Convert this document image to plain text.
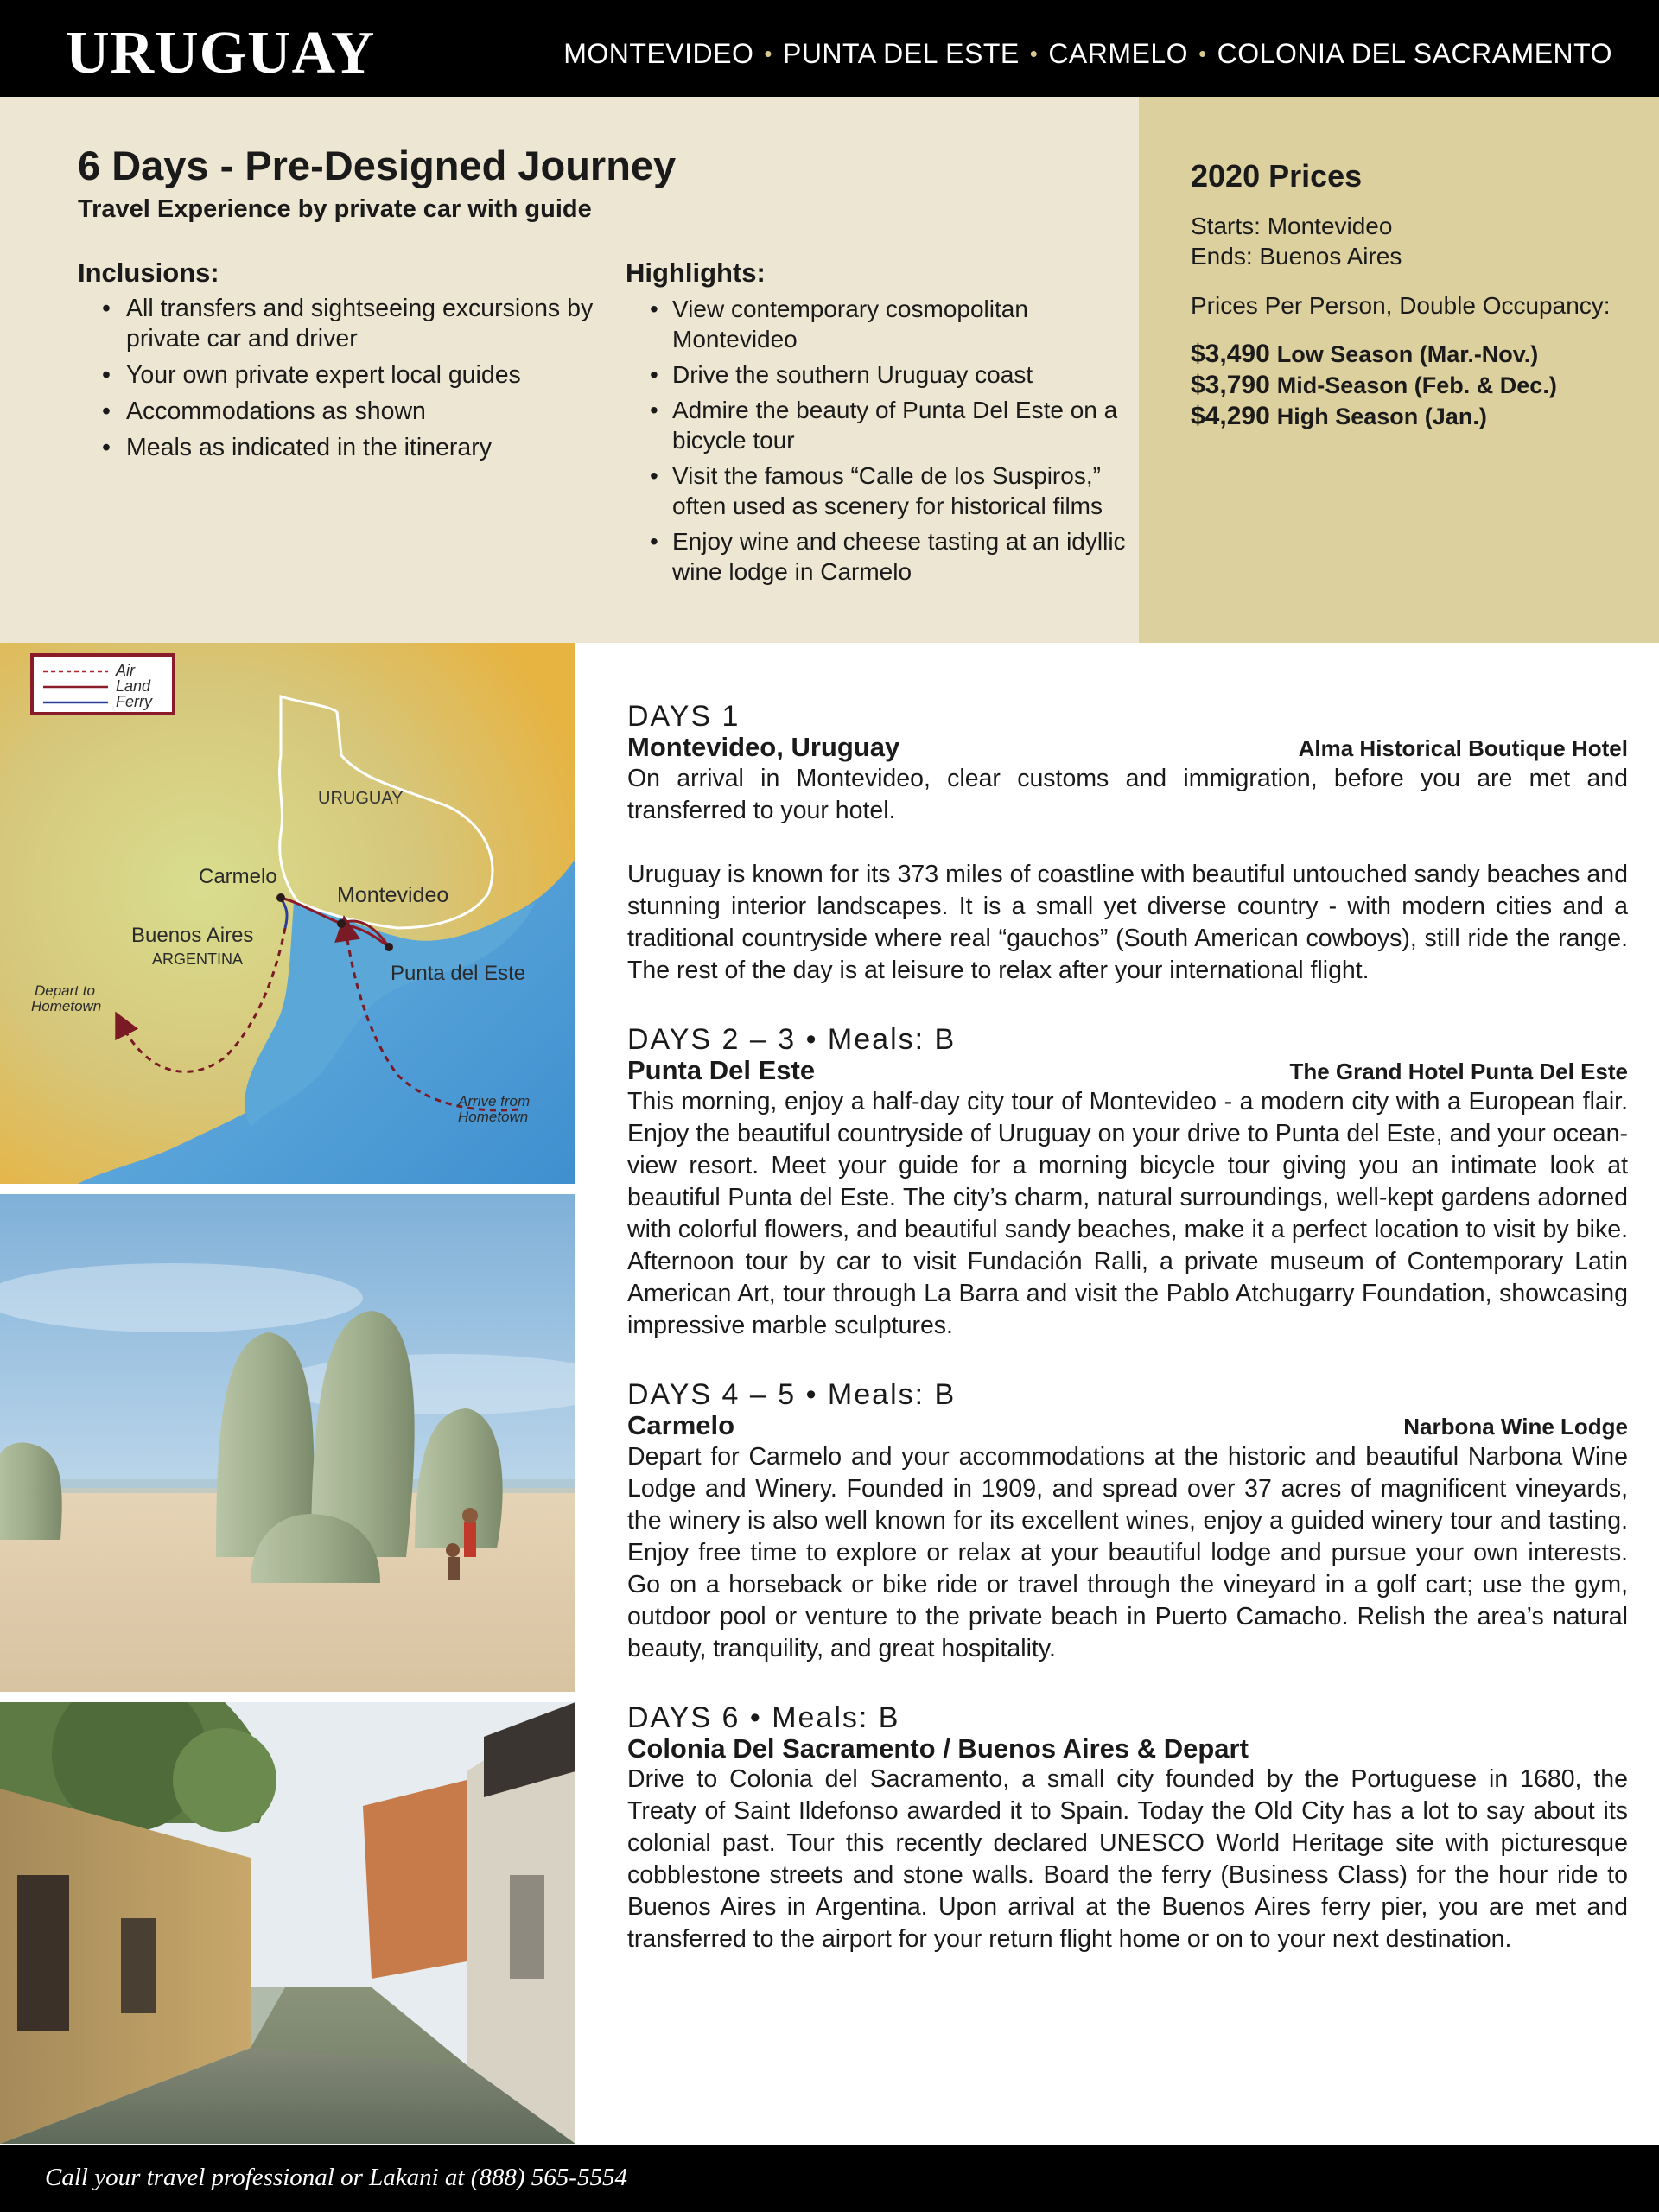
URUGUAY	MONTEVIDEO • PUNTA DEL ESTE • CARMELO • COLONIA DEL SACRAMENTO
6 Days - Pre-Designed Journey
Travel Experience by private car with guide
Inclusions:
• All transfers and sightseeing excursions by private car and driver
• Your own private expert local guides
• Accommodations as shown
• Meals as indicated in the itinerary
Highlights:
• View contemporary cosmopolitan Montevideo
• Drive the southern Uruguay coast
• Admire the beauty of Punta Del Este on a bicycle tour
• Visit the famous “Calle de los Suspiros,” often used as scenery for historical films
• Enjoy wine and cheese tasting at an idyllic wine lodge in Carmelo
2020 Prices
Starts: Montevideo
Ends: Buenos Aires
Prices Per Person, Double Occupancy:
$3,490 Low Season (Mar.-Nov.)
$3,790 Mid-Season (Feb. & Dec.)
$4,290 High Season (Jan.)
Air
Land
Ferry
URUGUAY
Carmelo
Montevideo
Buenos Aires
ARGENTINA
Punta del Este
Depart to
Hometown
Arrive from
Hometown
DAYS 1
Montevideo, Uruguay	Alma Historical Boutique Hotel

On arrival in Montevideo, clear customs and immigration, before you are met and transferred to your hotel.

Uruguay is known for its 373 miles of coastline with beautiful untouched sandy beaches and stunning interior landscapes. It is a small yet diverse country - with modern cities and a traditional countryside where real “gauchos” (South American cowboys), still ride the range. The rest of the day is at leisure to relax after your international flight.

DAYS 2 – 3 • Meals: B
Punta Del Este	The Grand Hotel Punta Del Este

This morning, enjoy a half-day city tour of Montevideo - a modern city with a European flair. Enjoy the beautiful countryside of Uruguay on your drive to Punta del Este, and your ocean-view resort. Meet your guide for a morning bicycle tour giving you an intimate look at beautiful Punta del Este. The city’s charm, natural surroundings, well-kept gardens adorned with colorful flowers, and beautiful sandy beaches, make it a perfect location to visit by bike. Afternoon tour by car to visit Fundación Ralli, a private museum of Contemporary Latin American Art, tour through La Barra and visit the Pablo Atchugarry Foundation, showcasing impressive marble sculptures.

DAYS 4 – 5 • Meals: B
Carmelo	Narbona Wine Lodge

Depart for Carmelo and your accommodations at the historic and beautiful Narbona Wine Lodge and Winery. Founded in 1909, and spread over 37 acres of magnificent vineyards, the winery is also well known for its excellent wines, enjoy a guided winery tour and tasting. Enjoy free time to explore or relax at your beautiful lodge and pursue your own interests. Go on a horseback or bike ride or travel through the vineyard in a golf cart; use the gym, outdoor pool or venture to the private beach in Puerto Camacho. Relish the area’s natural beauty, tranquility, and great hospitality.

DAYS 6 • Meals: B
Colonia Del Sacramento / Buenos Aires & Depart

Drive to Colonia del Sacramento, a small city founded by the Portuguese in 1680, the Treaty of Saint Ildefonso awarded it to Spain. Today the Old City has a lot to say about its colonial past. Tour this recently declared UNESCO World Heritage site with picturesque cobblestone streets and stone walls. Board the ferry (Business Class) for the hour ride to Buenos Aires in Argentina. Upon arrival at the Buenos Aires ferry pier, you are met and transferred to the airport for your return flight home or on to your next destination.

Call your travel professional or Lakani at (888) 565-5554
